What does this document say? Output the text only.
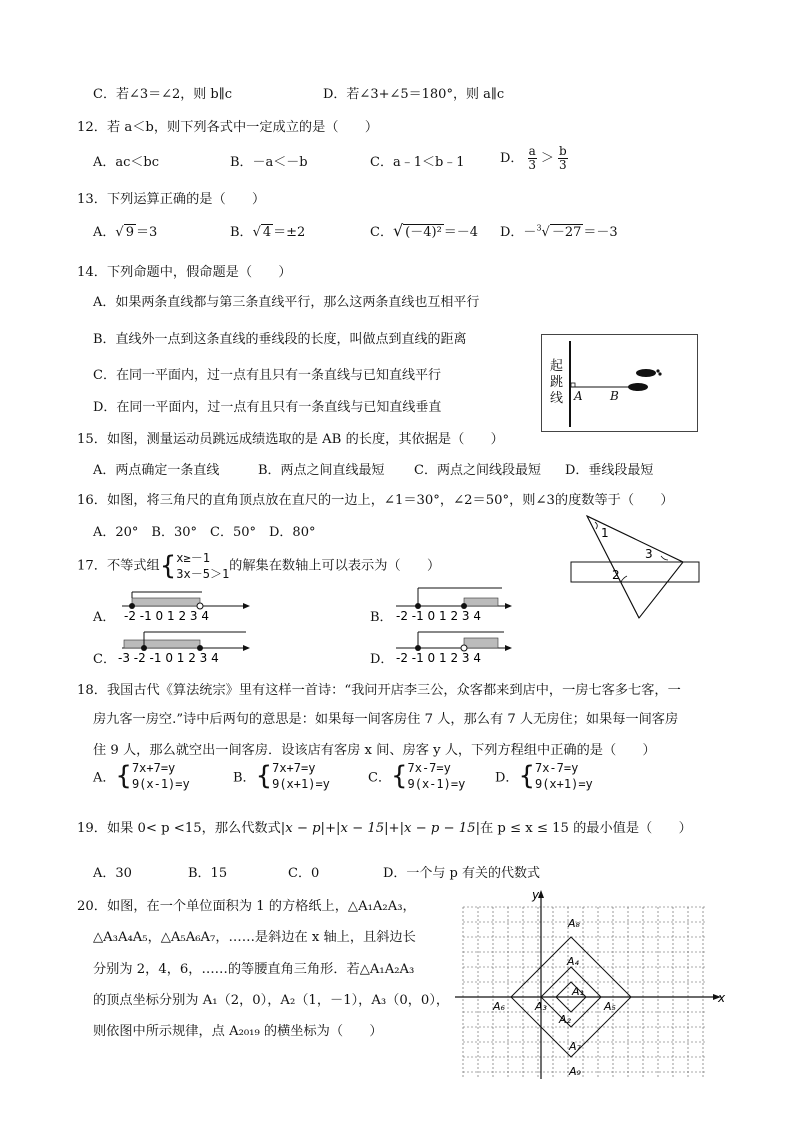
C．若∠3＝∠2，则 b∥c	D．若∠3+∠5＝180°，则 a∥c
12．若 a＜b，则下列各式中一定成立的是（　　）
A．ac＜bc	B．－a＜－b	C．a﹣1＜b﹣1	D． $\frac{a}{3} > \frac{b}{3}$
13．下列运算正确的是（　　）
A．√ 9 ＝3	B．√ 4 ＝±2	C．√ (－4)² ＝－4 D．－$^3$√ －27 ＝－3
14．下列命题中，假命题是（　　）
A．如果两条直线都与第三条直线平行，那么这两条直线也互相平行
B．直线外一点到这条直线的垂线段的长度，叫做点到直线的距离
C．在同一平面内，过一点有且只有一条直线与已知直线平行
D．在同一平面内，过一点有且只有一条直线与已知直线垂直
起
跳
线 A B
15．如图，测量运动员跳远成绩选取的是 AB 的长度，其依据是（　　）
A．两点确定一条直线	B．两点之间直线最短 C．两点之间线段最短 D．垂线段最短
16．如图，将三角尺的直角顶点放在直尺的一边上，∠1＝30°，∠2＝50°，则∠3的度数等于（　　）
A．20°　B．30°　C．50°　D．80°	1
3
2
17．不等式组{ x≥－1
3x－5＞1
的解集在数轴上可以表示为（　　）
A． -2 -1 0 1 2 3 4	B． -2 -1 0 1 2 3 4
C． -3 -2 -1 0 1 2 3 4	D． -2 -1 0 1 2 3 4
18．我国古代《算法统宗》里有这样一首诗：“我问开店李三公，众客都来到店中，一房七客多七客，一
房九客一房空.”诗中后两句的意思是：如果每一间客房住 7 人，那么有 7 人无房住；如果每一间客房
住 9 人，那么就空出一间客房．设该店有客房 x 间、房客 y 人，下列方程组中正确的是（　　）
A．{ 7x+7=y
9(x-1)=y	B．{ 7x+7=y
9(x+1)=y	C．{ 7x-7=y
9(x-1)=y D．{ 7x-7=y
9(x+1)=y
19．如果 0< p <15，那么代数式|x − p|+|x − 15|+|x − p − 15|在 p ≤ x ≤ 15 的最小值是（　　）
A．30	B．15	C．0	D．一个与 p 有关的代数式
20．如图，在一个单位面积为 1 的方格纸上，△A₁A₂A₃，
△A₃A₄A₅，△A₅A₆A₇，……是斜边在 x 轴上，且斜边长
分别为 2，4，6，……的等腰直角三角形．若△A₁A₂A₃
的顶点坐标分别为 A₁（2，0），A₂（1，－1），A₃（0，0），
则依图中所示规律，点 A₂₀₁₉ 的横坐标为（　　）
x
y
A₁
A₂
A₃
A₄
A₅
A₆
A₇
A₈
A₉
